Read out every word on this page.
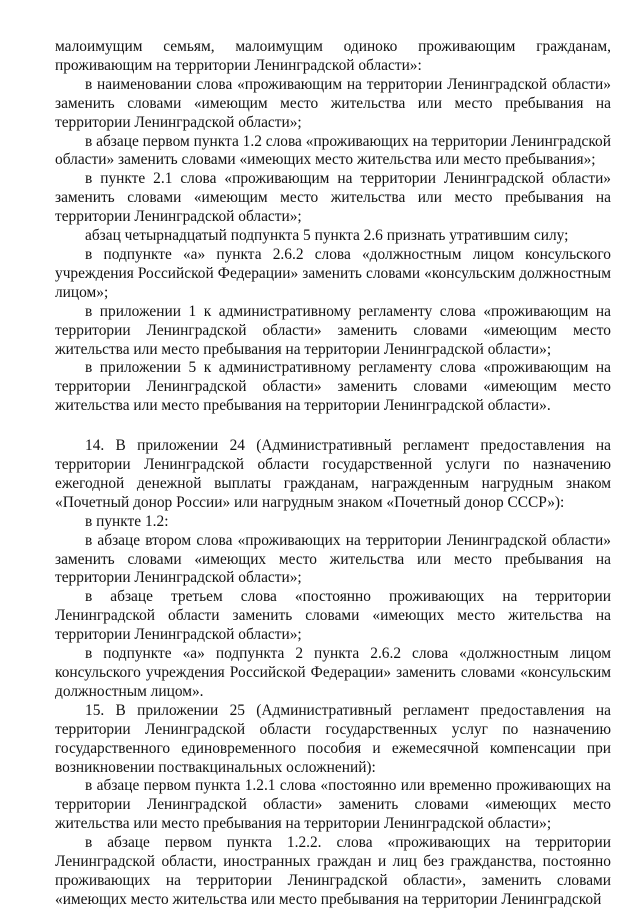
малоимущим семьям, малоимущим одиноко проживающим гражданам, проживающим на территории Ленинградской области»:

в наименовании слова «проживающим на территории Ленинградской области» заменить словами «имеющим место жительства или место пребывания на территории Ленинградской области»;

в абзаце первом пункта 1.2 слова «проживающих на территории Ленинградской области» заменить словами «имеющих место жительства или место пребывания»;

в пункте 2.1 слова «проживающим на территории Ленинградской области» заменить словами «имеющим место жительства или место пребывания на территории Ленинградской области»;

абзац четырнадцатый подпункта 5 пункта 2.6 признать утратившим силу;

в подпункте «а» пункта 2.6.2 слова «должностным лицом консульского учреждения Российской Федерации» заменить словами «консульским должностным лицом»;

в приложении 1 к административному регламенту слова «проживающим на территории Ленинградской области» заменить словами «имеющим место жительства или место пребывания на территории Ленинградской области»;

в приложении 5 к административному регламенту слова «проживающим на территории Ленинградской области» заменить словами «имеющим место жительства или место пребывания на территории Ленинградской области».

14. В приложении 24 (Административный регламент предоставления на территории Ленинградской области государственной услуги по назначению ежегодной денежной выплаты гражданам, награжденным нагрудным знаком «Почетный донор России» или нагрудным знаком «Почетный донор СССР»):

в пункте 1.2:

в абзаце втором слова «проживающих на территории Ленинградской области» заменить словами «имеющих место жительства или место пребывания на территории Ленинградской области»;

в абзаце третьем слова «постоянно проживающих на территории Ленинградской области заменить словами «имеющих место жительства на территории Ленинградской области»;

в подпункте «а» подпункта 2 пункта 2.6.2 слова «должностным лицом консульского учреждения Российской Федерации» заменить словами «консульским должностным лицом».

15. В приложении 25 (Административный регламент предоставления на территории Ленинградской области государственных услуг по назначению государственного единовременного пособия и ежемесячной компенсации при возникновении поствакцинальных осложнений):

в абзаце первом пункта 1.2.1 слова «постоянно или временно проживающих на территории Ленинградской области» заменить словами «имеющих место жительства или место пребывания на территории Ленинградской области»;

в абзаце первом пункта 1.2.2. слова «проживающих на территории Ленинградской области, иностранных граждан и лиц без гражданства, постоянно проживающих на территории Ленинградской области», заменить словами «имеющих место жительства или место пребывания на территории Ленинградской
